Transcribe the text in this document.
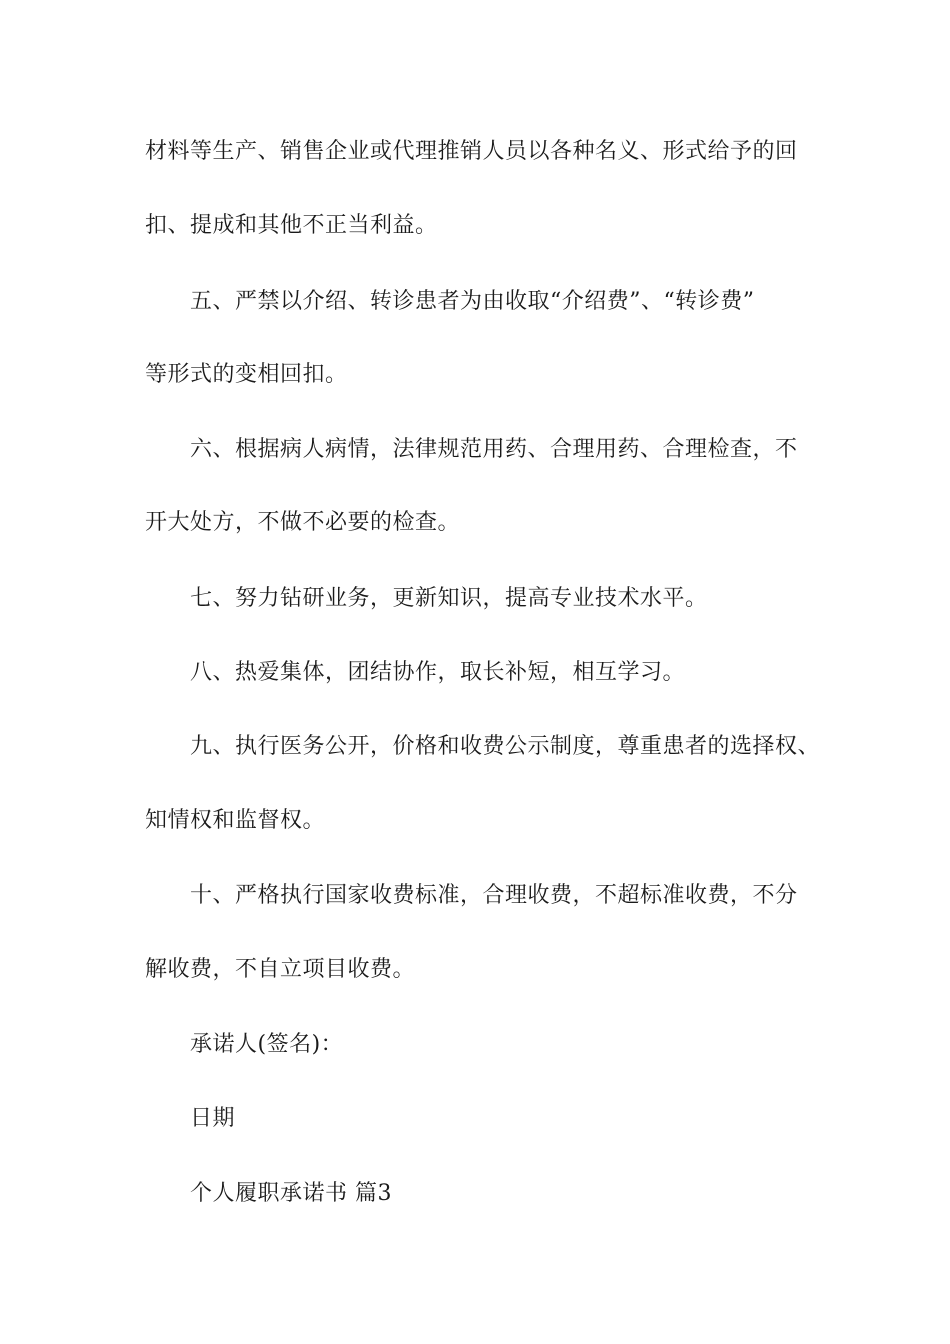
材料等生产、销售企业或代理推销人员以各种名义、形式给予的回
扣、提成和其他不正当利益。
五、严禁以介绍、转诊患者为由收取“介绍费”、“转诊费”
等形式的变相回扣。
六、根据病人病情，法律规范用药、合理用药、合理检查，不
开大处方，不做不必要的检查。
七、努力钻研业务，更新知识，提高专业技术水平。
八、热爱集体，团结协作，取长补短，相互学习。
九、执行医务公开，价格和收费公示制度，尊重患者的选择权、
知情权和监督权。
十、严格执行国家收费标准，合理收费，不超标准收费，不分
解收费，不自立项目收费。
承诺人(签名)：
日期
个人履职承诺书 篇3
